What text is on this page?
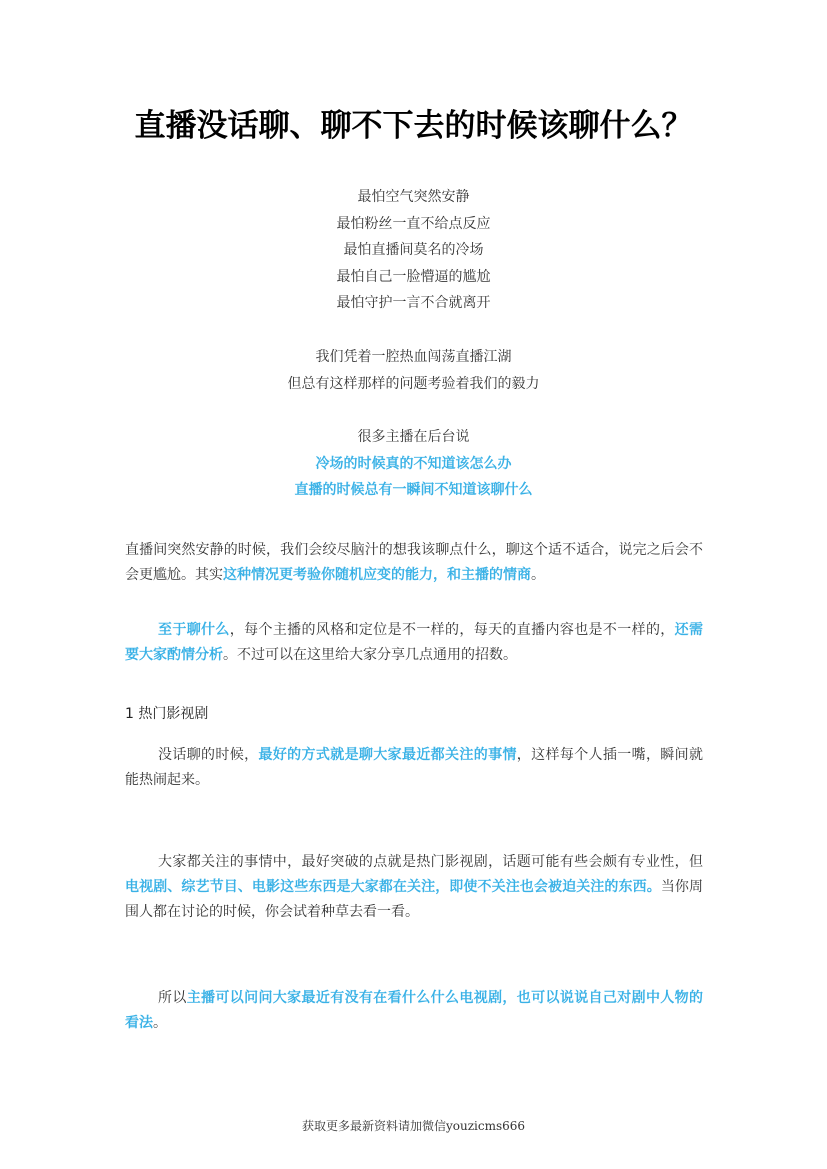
直播没话聊、聊不下去的时候该聊什么？
最怕空气突然安静
最怕粉丝一直不给点反应
最怕直播间莫名的冷场
最怕自己一脸懵逼的尴尬
最怕守护一言不合就离开
我们凭着一腔热血闯荡直播江湖
但总有这样那样的问题考验着我们的毅力
很多主播在后台说
冷场的时候真的不知道该怎么办
直播的时候总有一瞬间不知道该聊什么

直播间突然安静的时候，我们会绞尽脑汁的想我该聊点什么，聊这个适不适合，说完之后会不会更尴尬。其实这种情况更考验你随机应变的能力，和主播的情商。

至于聊什么，每个主播的风格和定位是不一样的，每天的直播内容也是不一样的，还需要大家酌情分析。不过可以在这里给大家分享几点通用的招数。

1 热门影视剧

没话聊的时候，最好的方式就是聊大家最近都关注的事情，这样每个人插一嘴，瞬间就能热闹起来。

大家都关注的事情中，最好突破的点就是热门影视剧，话题可能有些会颇有专业性，但电视剧、综艺节目、电影这些东西是大家都在关注，即使不关注也会被迫关注的东西。当你周围人都在讨论的时候，你会试着种草去看一看。

所以主播可以问问大家最近有没有在看什么什么电视剧，也可以说说自己对剧中人物的看法。

获取更多最新资料请加微信youzicms666
